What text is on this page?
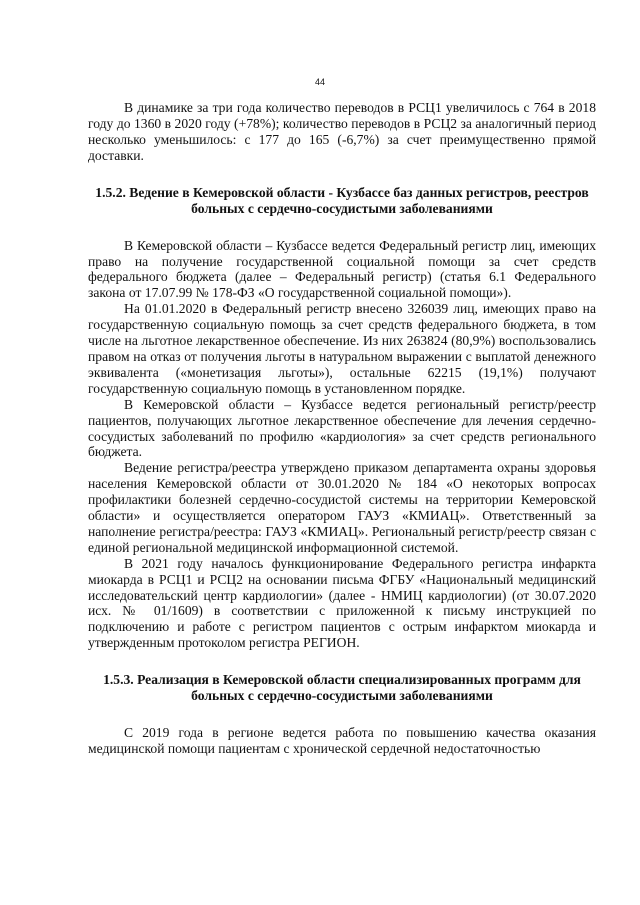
44

В динамике за три года количество переводов в РСЦ1 увеличилось с 764 в 2018 году до 1360 в 2020 году (+78%); количество переводов в РСЦ2 за аналогичный период несколько уменьшилось: с 177 до 165 (-6,7%) за счет преимущественно прямой доставки.

1.5.2. Ведение в Кемеровской области - Кузбассе баз данных регистров, реестров больных с сердечно-сосудистыми заболеваниями

В Кемеровской области – Кузбассе ведется Федеральный регистр лиц, имеющих право на получение государственной социальной помощи за счет средств федерального бюджета (далее – Федеральный регистр) (статья 6.1 Федерального закона от 17.07.99 № 178-ФЗ «О государственной социальной помощи»).

На 01.01.2020 в Федеральный регистр внесено 326039 лиц, имеющих право на государственную социальную помощь за счет средств федерального бюджета, в том числе на льготное лекарственное обеспечение. Из них 263824 (80,9%) воспользовались правом на отказ от получения льготы в натуральном выражении с выплатой денежного эквивалента («монетизация льготы»), остальные 62215 (19,1%) получают государственную социальную помощь в установленном порядке.

В Кемеровской области – Кузбассе ведется региональный регистр/реестр пациентов, получающих льготное лекарственное обеспечение для лечения сердечно-сосудистых заболеваний по профилю «кардиология» за счет средств регионального бюджета.

Ведение регистра/реестра утверждено приказом департамента охраны здоровья населения Кемеровской области от 30.01.2020 № 184 «О некоторых вопросах профилактики болезней сердечно-сосудистой системы на территории Кемеровской области» и осуществляется оператором ГАУЗ «КМИАЦ». Ответственный за наполнение регистра/реестра: ГАУЗ «КМИАЦ». Региональный регистр/реестр связан с единой региональной медицинской информационной системой.

В 2021 году началось функционирование Федерального регистра инфаркта миокарда в РСЦ1 и РСЦ2 на основании письма ФГБУ «Национальный медицинский исследовательский центр кардиологии» (далее - НМИЦ кардиологии) (от 30.07.2020 исх. № 01/1609) в соответствии с приложенной к письму инструкцией по подключению и работе с регистром пациентов с острым инфарктом миокарда и утвержденным протоколом регистра РЕГИОН.

1.5.3. Реализация в Кемеровской области специализированных программ для больных с сердечно-сосудистыми заболеваниями

С 2019 года в регионе ведется работа по повышению качества оказания медицинской помощи пациентам с хронической сердечной недостаточностью
